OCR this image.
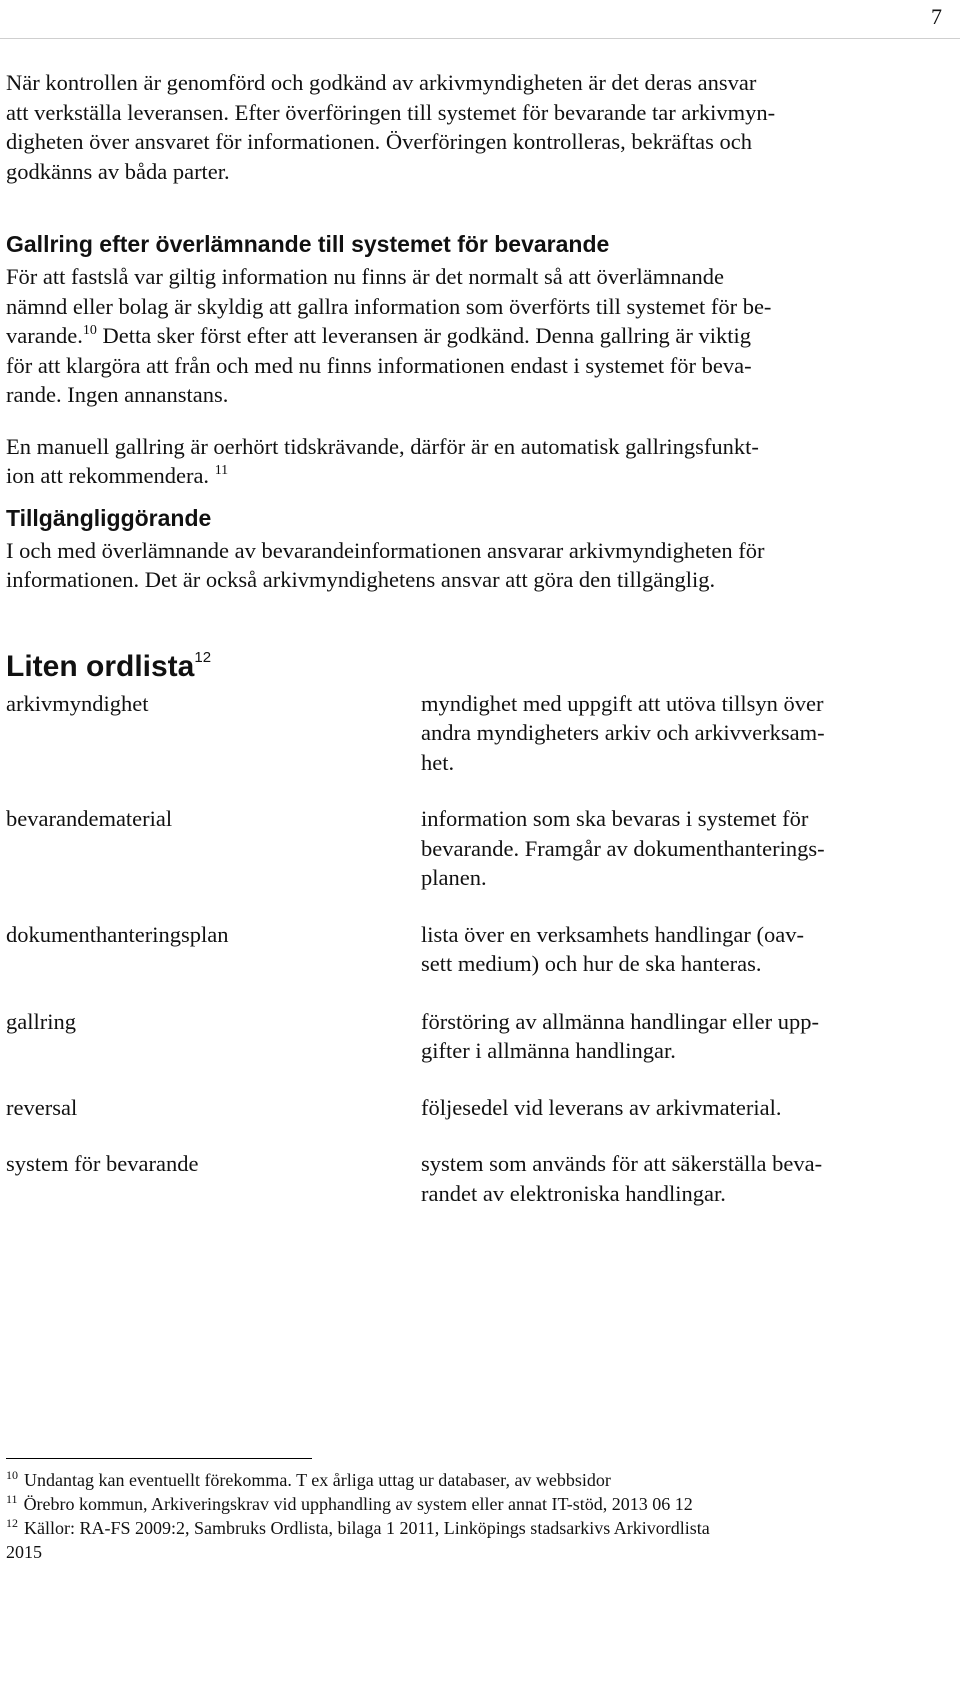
7

När kontrollen är genomförd och godkänd av arkivmyndigheten är det deras ansvar
att verkställa leveransen. Efter överföringen till systemet för bevarande tar arkivmyn-
digheten över ansvaret för informationen. Överföringen kontrolleras, bekräftas och
godkänns av båda parter.

Gallring efter överlämnande till systemet för bevarande

För att fastslå var giltig information nu finns är det normalt så att överlämnande
nämnd eller bolag är skyldig att gallra information som överförts till systemet för be-
varande.$^{10}$ Detta sker först efter att leveransen är godkänd. Denna gallring är viktig
för att klargöra att från och med nu finns informationen endast i systemet för beva-
rande. Ingen annanstans.

En manuell gallring är oerhört tidskrävande, därför är en automatisk gallringsfunkt-
ion att rekommendera. $^{11}$

Tillgängliggörande

I och med överlämnande av bevarandeinformationen ansvarar arkivmyndigheten för
informationen. Det är också arkivmyndighetens ansvar att göra den tillgänglig.

Liten ordlista$^{12}$
arkivmyndighet	myndighet med uppgift att utöva tillsyn över
andra myndigheters arkiv och arkivverksam-
het.
bevarandematerial	information som ska bevaras i systemet för
bevarande. Framgår av dokumenthanterings-
planen.
dokumenthanteringsplan	lista över en verksamhets handlingar (oav-
sett medium) och hur de ska hanteras.
gallring	förstöring av allmänna handlingar eller upp-
gifter i allmänna handlingar.
reversal	följesedel vid leverans av arkivmaterial.
system för bevarande	system som används för att säkerställa beva-
randet av elektroniska handlingar.

$^{10}$ Undantag kan eventuellt förekomma. T ex årliga uttag ur databaser, av webbsidor

$^{11}$ Örebro kommun, Arkiveringskrav vid upphandling av system eller annat IT-stöd, 2013 06 12

$^{12}$ Källor: RA-FS 2009:2, Sambruks Ordlista, bilaga 1 2011, Linköpings stadsarkivs Arkivordlista
2015
